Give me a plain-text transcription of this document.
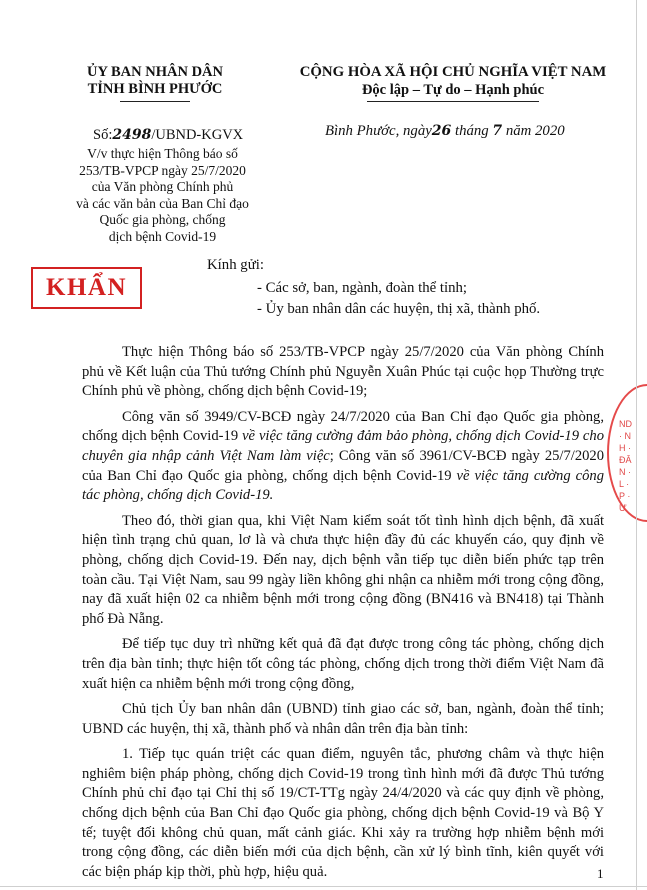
ỦY BAN NHÂN DÂN
TỈNH BÌNH PHƯỚC
CỘNG HÒA XÃ HỘI CHỦ NGHĨA VIỆT NAM
Độc lập – Tự do – Hạnh phúc
Số:2498/UBND-KGVX	Bình Phước, ngày26 tháng 7 năm 2020
V/v thực hiện Thông báo số
253/TB-VPCP ngày 25/7/2020
của Văn phòng Chính phủ
và các văn bản của Ban Chỉ đạo
Quốc gia phòng, chống
dịch bệnh Covid-19
KHẨN
Kính gửi:
- Các sở, ban, ngành, đoàn thể tỉnh;
- Ủy ban nhân dân các huyện, thị xã, thành phố.

Thực hiện Thông báo số 253/TB-VPCP ngày 25/7/2020 của Văn phòng Chính phủ về Kết luận của Thủ tướng Chính phủ Nguyễn Xuân Phúc tại cuộc họp Thường trực Chính phủ về phòng, chống dịch bệnh Covid-19;

Công văn số 3949/CV-BCĐ ngày 24/7/2020 của Ban Chỉ đạo Quốc gia phòng, chống dịch bệnh Covid-19 về việc tăng cường đảm bảo phòng, chống dịch Covid-19 cho chuyên gia nhập cảnh Việt Nam làm việc; Công văn số 3961/CV-BCĐ ngày 25/7/2020 của Ban Chỉ đạo Quốc gia phòng, chống dịch bệnh Covid-19 về việc tăng cường công tác phòng, chống dịch Covid-19.

Theo đó, thời gian qua, khi Việt Nam kiểm soát tốt tình hình dịch bệnh, đã xuất hiện tình trạng chủ quan, lơ là và chưa thực hiện đầy đủ các khuyến cáo, quy định về phòng, chống dịch Covid-19. Đến nay, dịch bệnh vẫn tiếp tục diễn biến phức tạp trên toàn cầu. Tại Việt Nam, sau 99 ngày liền không ghi nhận ca nhiễm mới trong cộng đồng, nay đã xuất hiện 02 ca nhiễm bệnh mới trong cộng đồng (BN416 và BN418) tại Thành phố Đà Nẵng.

Để tiếp tục duy trì những kết quả đã đạt được trong công tác phòng, chống dịch trên địa bàn tỉnh; thực hiện tốt công tác phòng, chống dịch trong thời điểm Việt Nam đã xuất hiện ca nhiễm bệnh mới trong cộng đồng,

Chủ tịch Ủy ban nhân dân (UBND) tỉnh giao các sở, ban, ngành, đoàn thể tỉnh; UBND các huyện, thị xã, thành phố và nhân dân trên địa bàn tỉnh:

1. Tiếp tục quán triệt các quan điểm, nguyên tắc, phương châm và thực hiện nghiêm biện pháp phòng, chống dịch Covid-19 trong tình hình mới đã được Thủ tướng Chính phủ chỉ đạo tại Chỉ thị số 19/CT-TTg ngày 24/4/2020 và các quy định về phòng, chống dịch bệnh của Ban Chỉ đạo Quốc gia phòng, chống dịch bệnh Covid-19 và Bộ Y tế; tuyệt đối không chủ quan, mất cảnh giác. Khi xảy ra trường hợp nhiễm bệnh mới trong cộng đồng, các diễn biến mới của dịch bệnh, cần xử lý bình tĩnh, kiên quyết với các biện pháp kịp thời, phù hợp, hiệu quả.

ND · NH · ĐÂN · L · P · Ư
1
